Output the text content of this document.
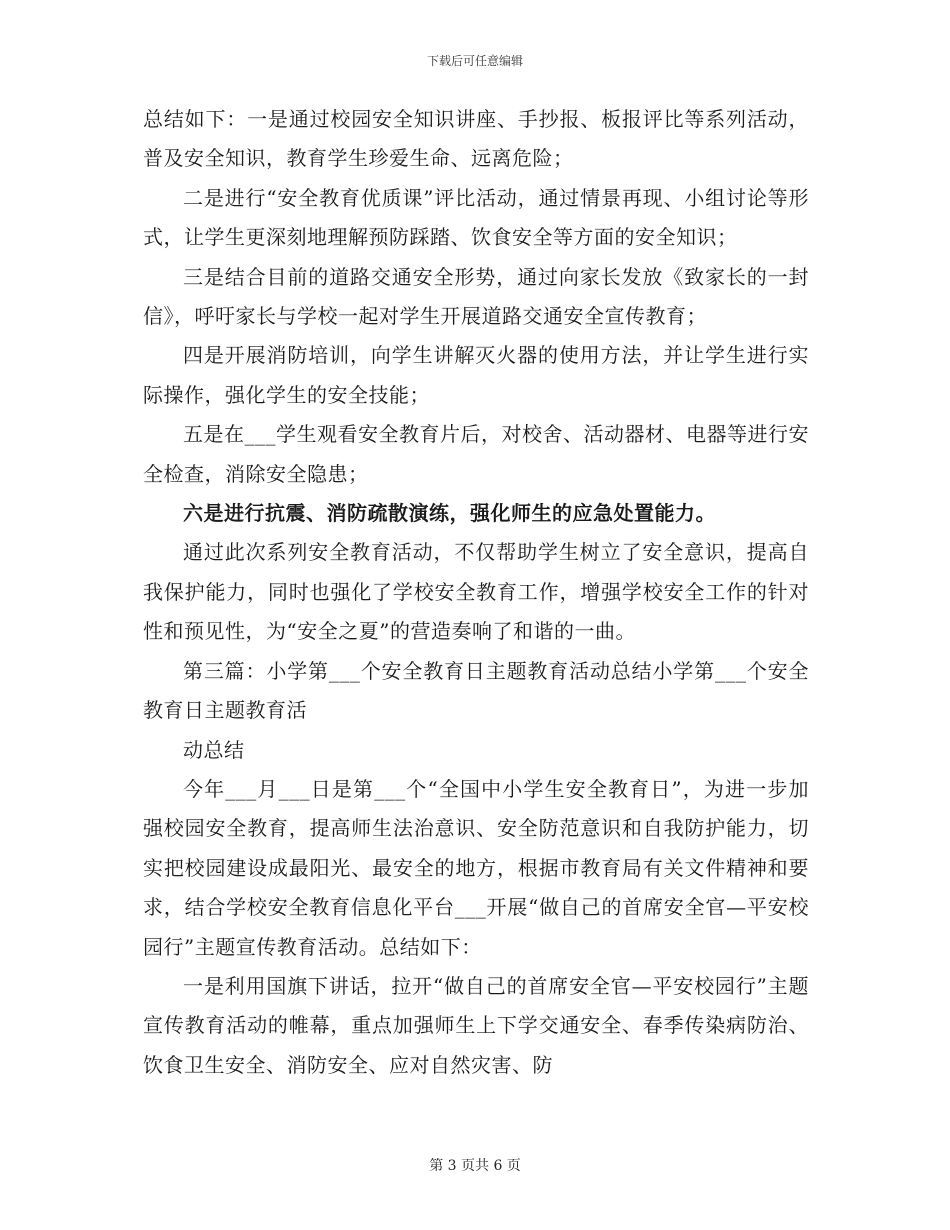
下载后可任意编辑

总结如下：一是通过校园安全知识讲座、手抄报、板报评比等系列活动，普及安全知识，教育学生珍爱生命、远离危险；

二是进行“安全教育优质课”评比活动，通过情景再现、小组讨论等形式，让学生更深刻地理解预防踩踏、饮食安全等方面的安全知识；

三是结合目前的道路交通安全形势，通过向家长发放《致家长的一封信》，呼吁家长与学校一起对学生开展道路交通安全宣传教育；

四是开展消防培训，向学生讲解灭火器的使用方法，并让学生进行实际操作，强化学生的安全技能；

五是在___学生观看安全教育片后，对校舍、活动器材、电器等进行安全检查，消除安全隐患；

六是进行抗震、消防疏散演练，强化师生的应急处置能力。

通过此次系列安全教育活动，不仅帮助学生树立了安全意识，提高自我保护能力，同时也强化了学校安全教育工作，增强学校安全工作的针对性和预见性，为“安全之夏”的营造奏响了和谐的一曲。

第三篇：小学第___个安全教育日主题教育活动总结小学第___个安全教育日主题教育活

动总结

今年___月___日是第___个“全国中小学生安全教育日”，为进一步加强校园安全教育，提高师生法治意识、安全防范意识和自我防护能力，切实把校园建设成最阳光、最安全的地方，根据市教育局有关文件精神和要求，结合学校安全教育信息化平台___开展“做自己的首席安全官—平安校园行”主题宣传教育活动。总结如下：

一是利用国旗下讲话，拉开“做自己的首席安全官—平安校园行”主题宣传教育活动的帷幕，重点加强师生上下学交通安全、春季传染病防治、饮食卫生安全、消防安全、应对自然灾害、防

第 3 页共 6 页
